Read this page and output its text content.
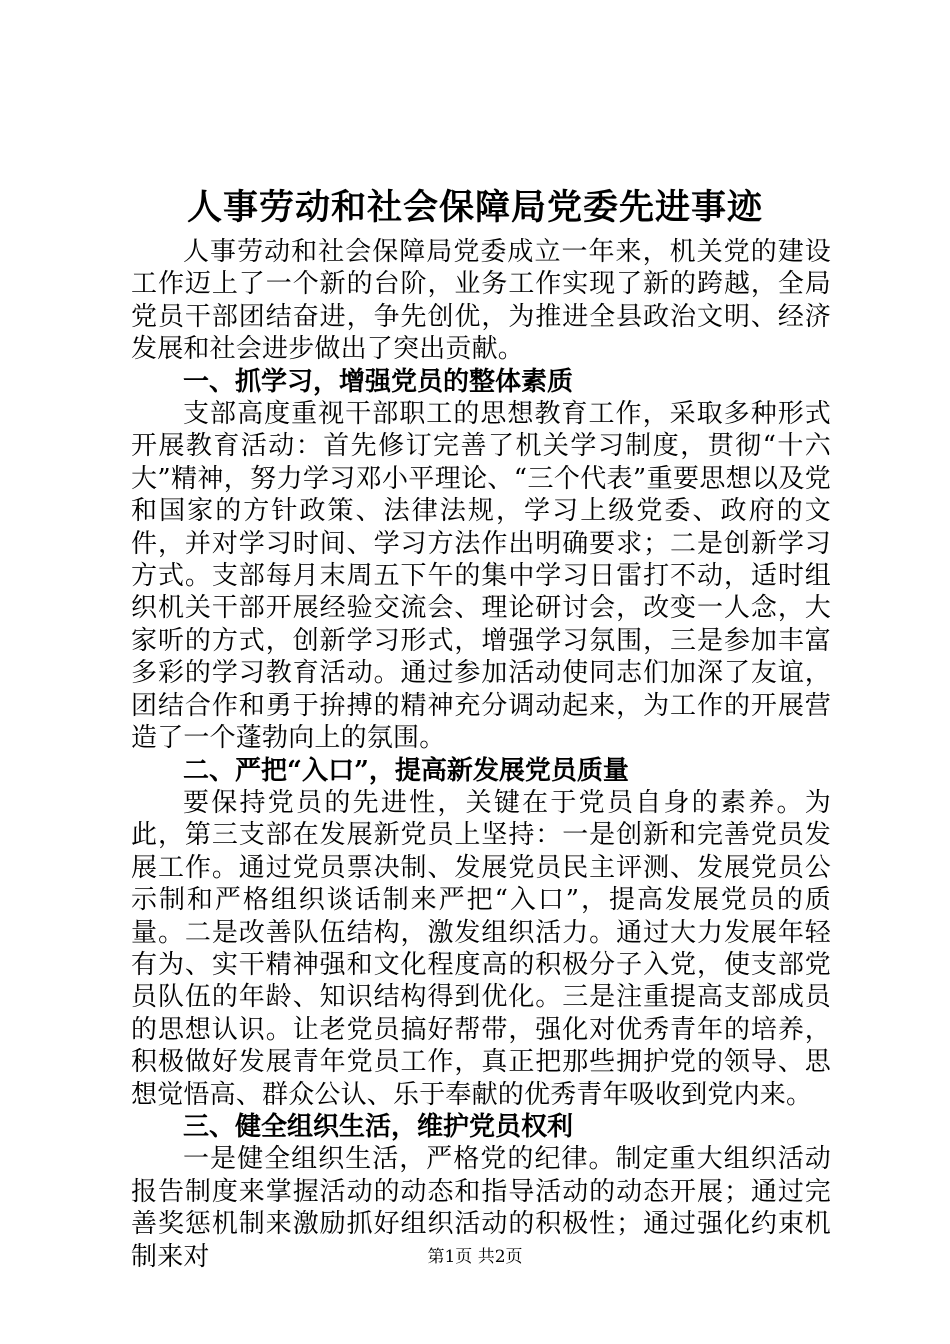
人事劳动和社会保障局党委先进事迹

人事劳动和社会保障局党委成立一年来，机关党的建设工作迈上了一个新的台阶，业务工作实现了新的跨越，全局党员干部团结奋进，争先创优，为推进全县政治文明、经济发展和社会进步做出了突出贡献。

一、抓学习，增强党员的整体素质

支部高度重视干部职工的思想教育工作，采取多种形式开展教育活动：首先修订完善了机关学习制度，贯彻“十六大”精神，努力学习邓小平理论、“三个代表”重要思想以及党和国家的方针政策、法律法规，学习上级党委、政府的文件，并对学习时间、学习方法作出明确要求；二是创新学习方式。支部每月末周五下午的集中学习日雷打不动，适时组织机关干部开展经验交流会、理论研讨会，改变一人念，大家听的方式，创新学习形式，增强学习氛围，三是参加丰富多彩的学习教育活动。通过参加活动使同志们加深了友谊，团结合作和勇于拚搏的精神充分调动起来，为工作的开展营造了一个蓬勃向上的氛围。

二、严把“入口”，提高新发展党员质量

要保持党员的先进性，关键在于党员自身的素养。为此，第三支部在发展新党员上坚持：一是创新和完善党员发展工作。通过党员票决制、发展党员民主评测、发展党员公示制和严格组织谈话制来严把“入口”，提高发展党员的质量。二是改善队伍结构，激发组织活力。通过大力发展年轻有为、实干精神强和文化程度高的积极分子入党，使支部党员队伍的年龄、知识结构得到优化。三是注重提高支部成员的思想认识。让老党员搞好帮带，强化对优秀青年的培养，积极做好发展青年党员工作，真正把那些拥护党的领导、思想觉悟高、群众公认、乐于奉献的优秀青年吸收到党内来。

三、健全组织生活，维护党员权利

一是健全组织生活，严格党的纪律。制定重大组织活动报告制度来掌握活动的动态和指导活动的动态开展；通过完善奖惩机制来激励抓好组织活动的积极性；通过强化约束机制来对	第1页 共2页
